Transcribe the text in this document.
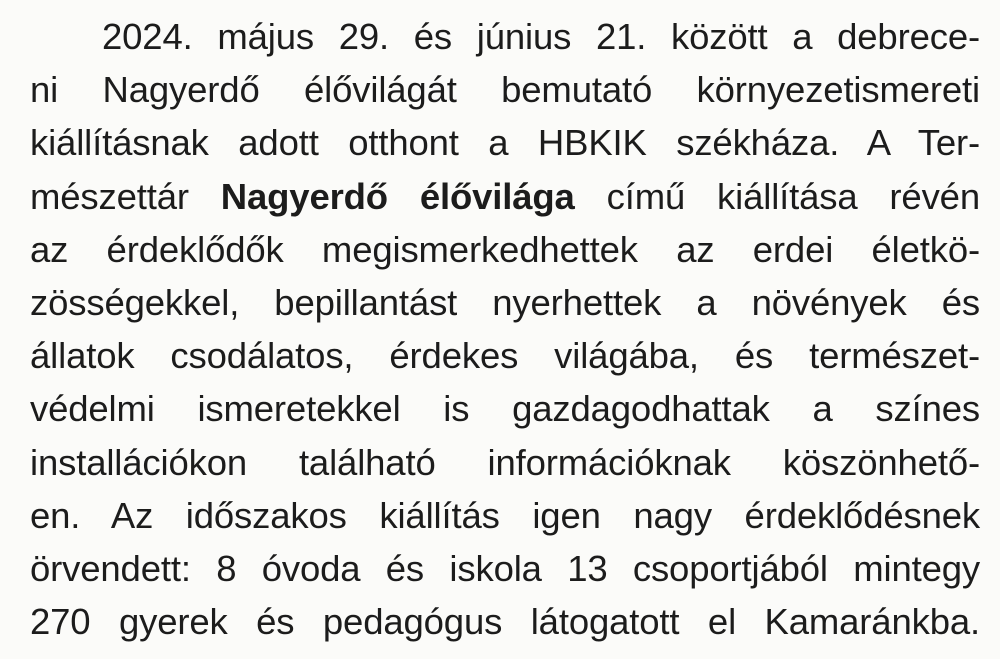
2024. május 29. és június 21. között a debrece-
ni Nagyerdő élővilágát bemutató környezetismereti
kiállításnak adott otthont a HBKIK székháza. A Ter-
mészettár Nagyerdő élővilága című kiállítása révén
az érdeklődők megismerkedhettek az erdei életkö-
zösségekkel, bepillantást nyerhettek a növények és
állatok csodálatos, érdekes világába, és természet-
védelmi ismeretekkel is gazdagodhattak a színes
installációkon található információknak köszönhető-
en. Az időszakos kiállítás igen nagy érdeklődésnek
örvendett: 8 óvoda és iskola 13 csoportjából mintegy
270 gyerek és pedagógus látogatott el Kamaránkba.
